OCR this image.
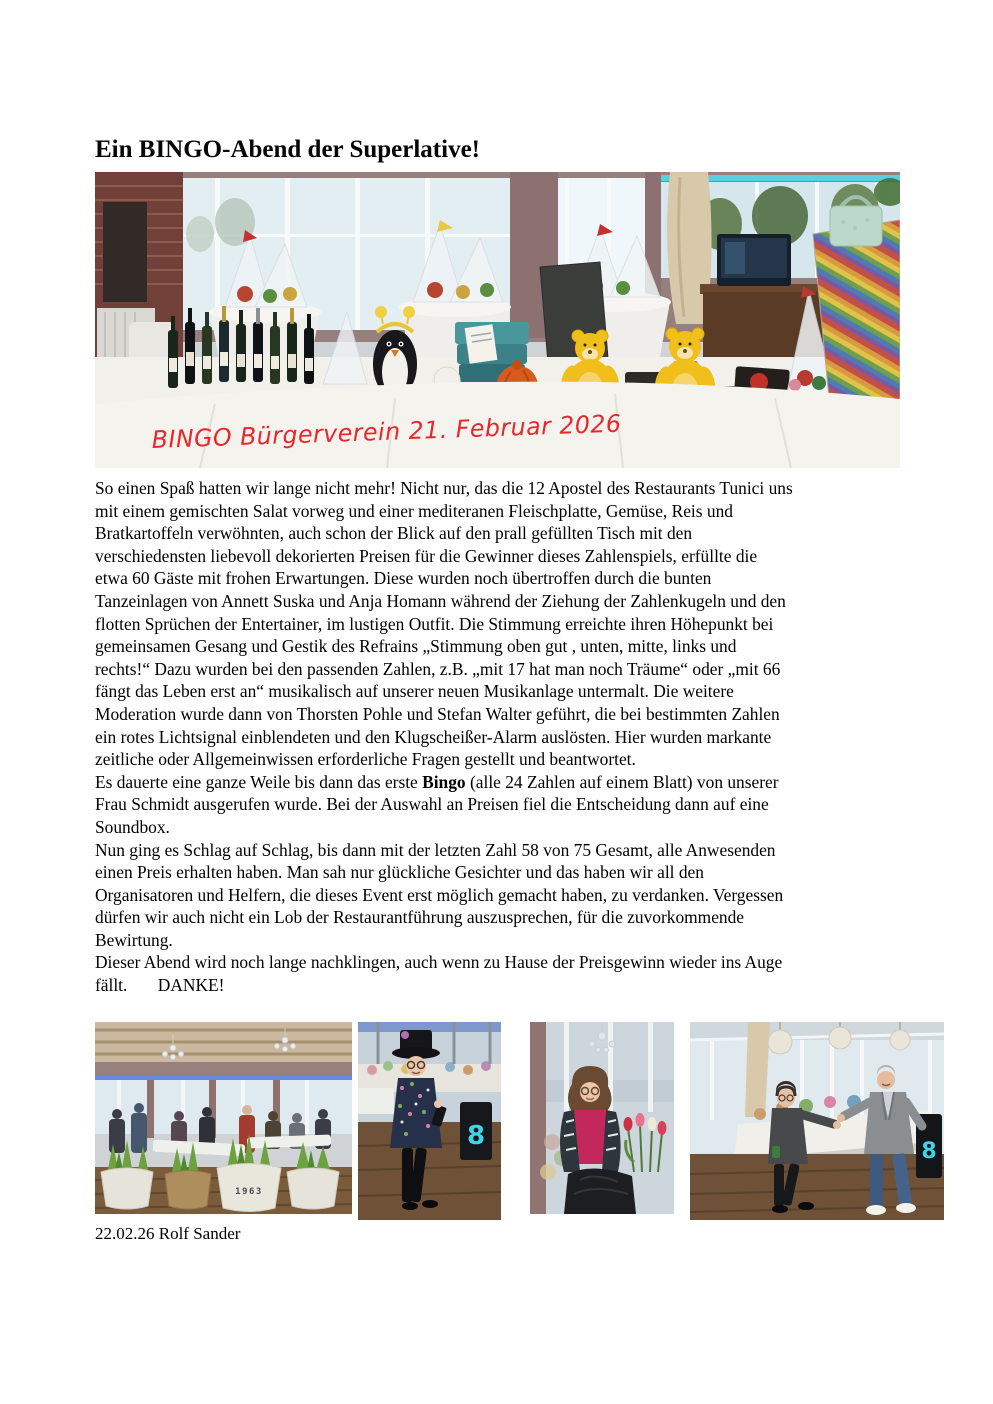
Ein BINGO-Abend der Superlative!
BINGO Bürgerverein 21. Februar 2026
So einen Spaß hatten wir lange nicht mehr! Nicht nur, das die 12 Apostel des Restaurants Tunici uns
mit einem gemischten Salat vorweg und einer mediteranen Fleischplatte, Gemüse, Reis und
Bratkartoffeln verwöhnten, auch schon der Blick auf den prall gefüllten Tisch mit den
verschiedensten liebevoll dekorierten Preisen für die Gewinner dieses Zahlenspiels, erfüllte die
etwa 60 Gäste mit frohen Erwartungen. Diese wurden noch übertroffen durch die bunten
Tanzeinlagen von Annett Suska und Anja Homann während der Ziehung der Zahlenkugeln und den
flotten Sprüchen der Entertainer, im lustigen Outfit. Die Stimmung erreichte ihren Höhepunkt bei
gemeinsamen Gesang und Gestik des Refrains „Stimmung oben gut , unten, mitte, links und
rechts!“ Dazu wurden bei den passenden Zahlen, z.B. „mit 17 hat man noch Träume“ oder „mit 66
fängt das Leben erst an“ musikalisch auf unserer neuen Musikanlage untermalt. Die weitere
Moderation wurde dann von Thorsten Pohle und Stefan Walter geführt, die bei bestimmten Zahlen
ein rotes Lichtsignal einblendeten und den Klugscheißer-Alarm auslösten. Hier wurden markante
zeitliche oder Allgemeinwissen erforderliche Fragen gestellt und beantwortet.
Es dauerte eine ganze Weile bis dann das erste Bingo (alle 24 Zahlen auf einem Blatt) von unserer
Frau Schmidt ausgerufen wurde. Bei der Auswahl an Preisen fiel die Entscheidung dann auf eine
Soundbox.
Nun ging es Schlag auf Schlag, bis dann mit der letzten Zahl 58 von 75 Gesamt, alle Anwesenden
einen Preis erhalten haben. Man sah nur glückliche Gesichter und das haben wir all den
Organisatoren und Helfern, die dieses Event erst möglich gemacht haben, zu verdanken. Vergessen
dürfen wir auch nicht ein Lob der Restaurantführung auszusprechen, für die zuvorkommende
Bewirtung.
Dieser Abend wird noch lange nachklingen, auch wenn zu Hause der Preisgewinn wieder ins Auge
fällt.       DANKE!
1963
8
8
22.02.26 Rolf Sander
